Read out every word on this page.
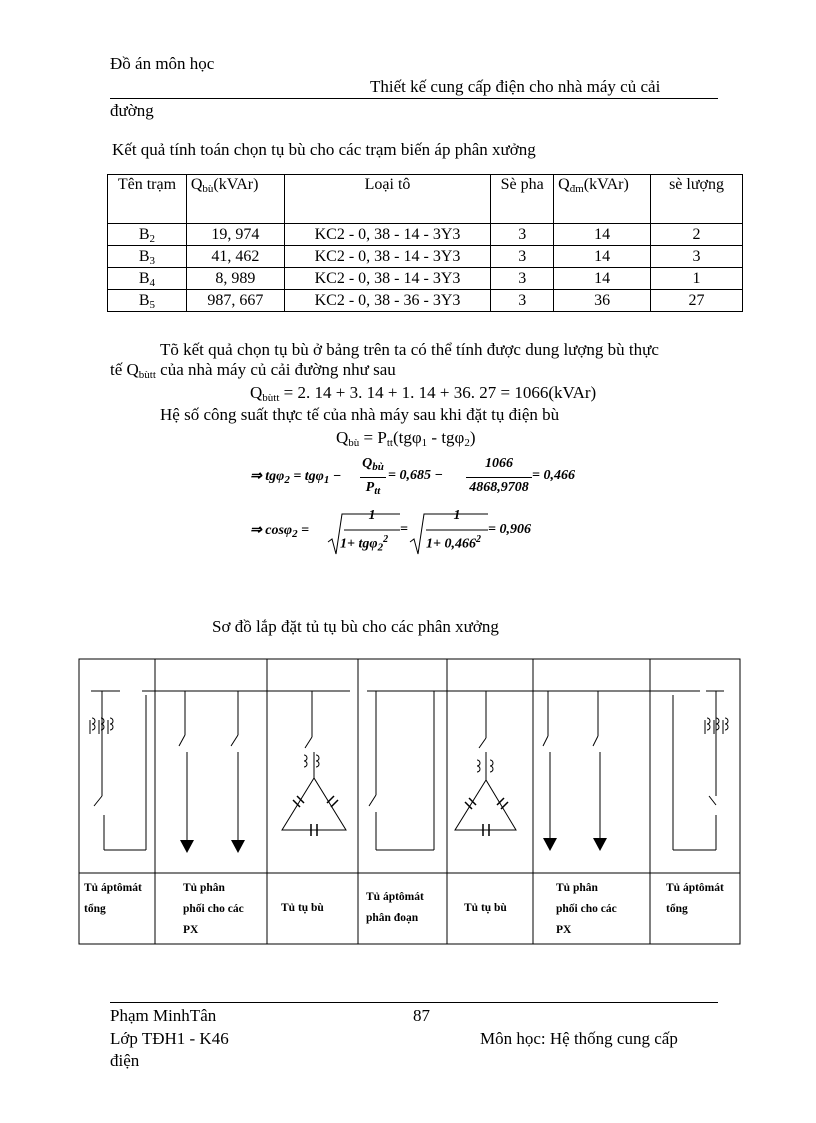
Đồ án môn học
Thiết kế cung cấp điện cho nhà máy củ cải
đường
Kết quả tính toán chọn tụ bù cho các trạm biến áp phân xưởng
Tên trạm	$Q_{bù}(kVAr)$	Loại tô	Sè pha	$Q_{đm}(kVAr)$	sè lượng
$B_2$	19, 974	KC2 - 0, 38 - 14 - 3Y3	3	14	2
$B_3$	41, 462	KC2 - 0, 38 - 14 - 3Y3	3	14	3
$B_4$	8, 989	KC2 - 0, 38 - 14 - 3Y3	3	14	1
$B_5$	987, 667	KC2 - 0, 38 - 36 - 3Y3	3	36	27
Tõ kết quả chọn tụ bù ở bảng trên ta có thể tính được dung lượng bù thực
tế $Q_{bùtt}$ của nhà máy củ cải đường như sau
$Q_{bùtt} = 2$. 14 + 3. 14 + 1. 14 + 36. 27 = 1066(kVAr)
Hệ số công suất thực tế của nhà máy sau khi đặt tụ điện bù
$Q_{bù} = P_{tt}(tg\varphi_1 - tg\varphi_2)$
⇒ tgφ$_2$ = tgφ$_1$ −
$Q_{bù}$
$P_{tt}$
= 0,685 −
1066
4868,9708
= 0,466
⇒ cosφ$_2$ =
1
1+ tgφ$_2^2$
=
1
$1+ 0,466^2$
= 0,906
Sơ đồ lắp đặt tủ tụ bù cho các phân xưởng
Tủ áptômát tổng
Tủ phân phối cho các PX
Tủ tụ bù
Tủ áptômát phân đoạn
Tủ tụ bù
Tủ phân phối cho các PX
Tủ áptômát tổng
Phạm MinhTân	87
Lớp TĐH1 - K46	Môn học: Hệ thống cung cấp
điện
